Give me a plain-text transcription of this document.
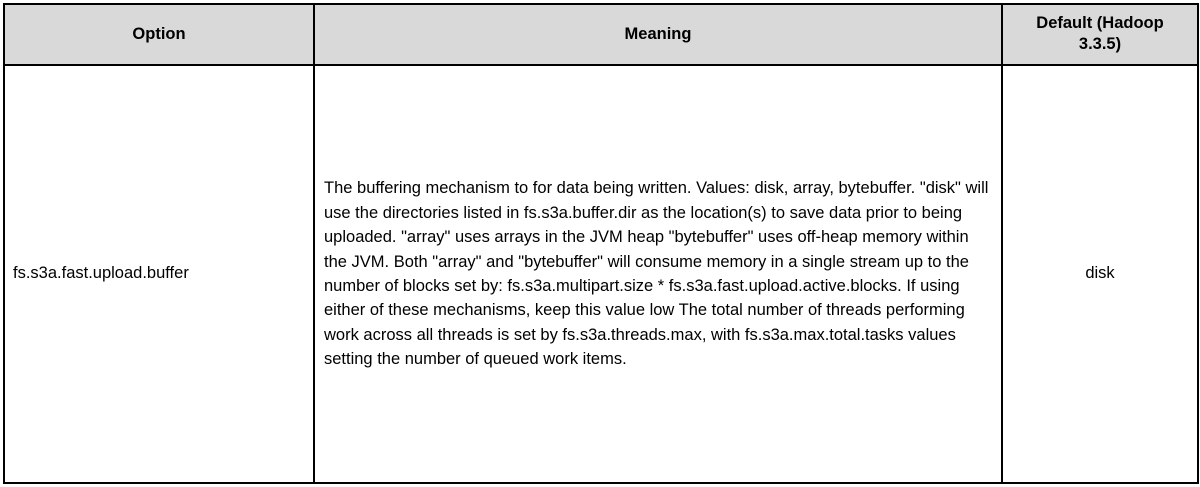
Option	Meaning	Default (Hadoop 3.3.5)
fs.s3a.fast.upload.buffer	The buffering mechanism to for data being written. Values: disk, array, bytebuffer. "disk" will use the directories listed in fs.s3a.buffer.dir as the location(s) to save data prior to being uploaded. "array" uses arrays in the JVM heap "bytebuffer" uses off-heap memory within the JVM. Both "array" and "bytebuffer" will consume memory in a single stream up to the number of blocks set by: fs.s3a.multipart.size * fs.s3a.fast.upload.active.blocks. If using either of these mechanisms, keep this value low The total number of threads performing work across all threads is set by fs.s3a.threads.max, with fs.s3a.max.total.tasks values setting the number of queued work items.	disk
